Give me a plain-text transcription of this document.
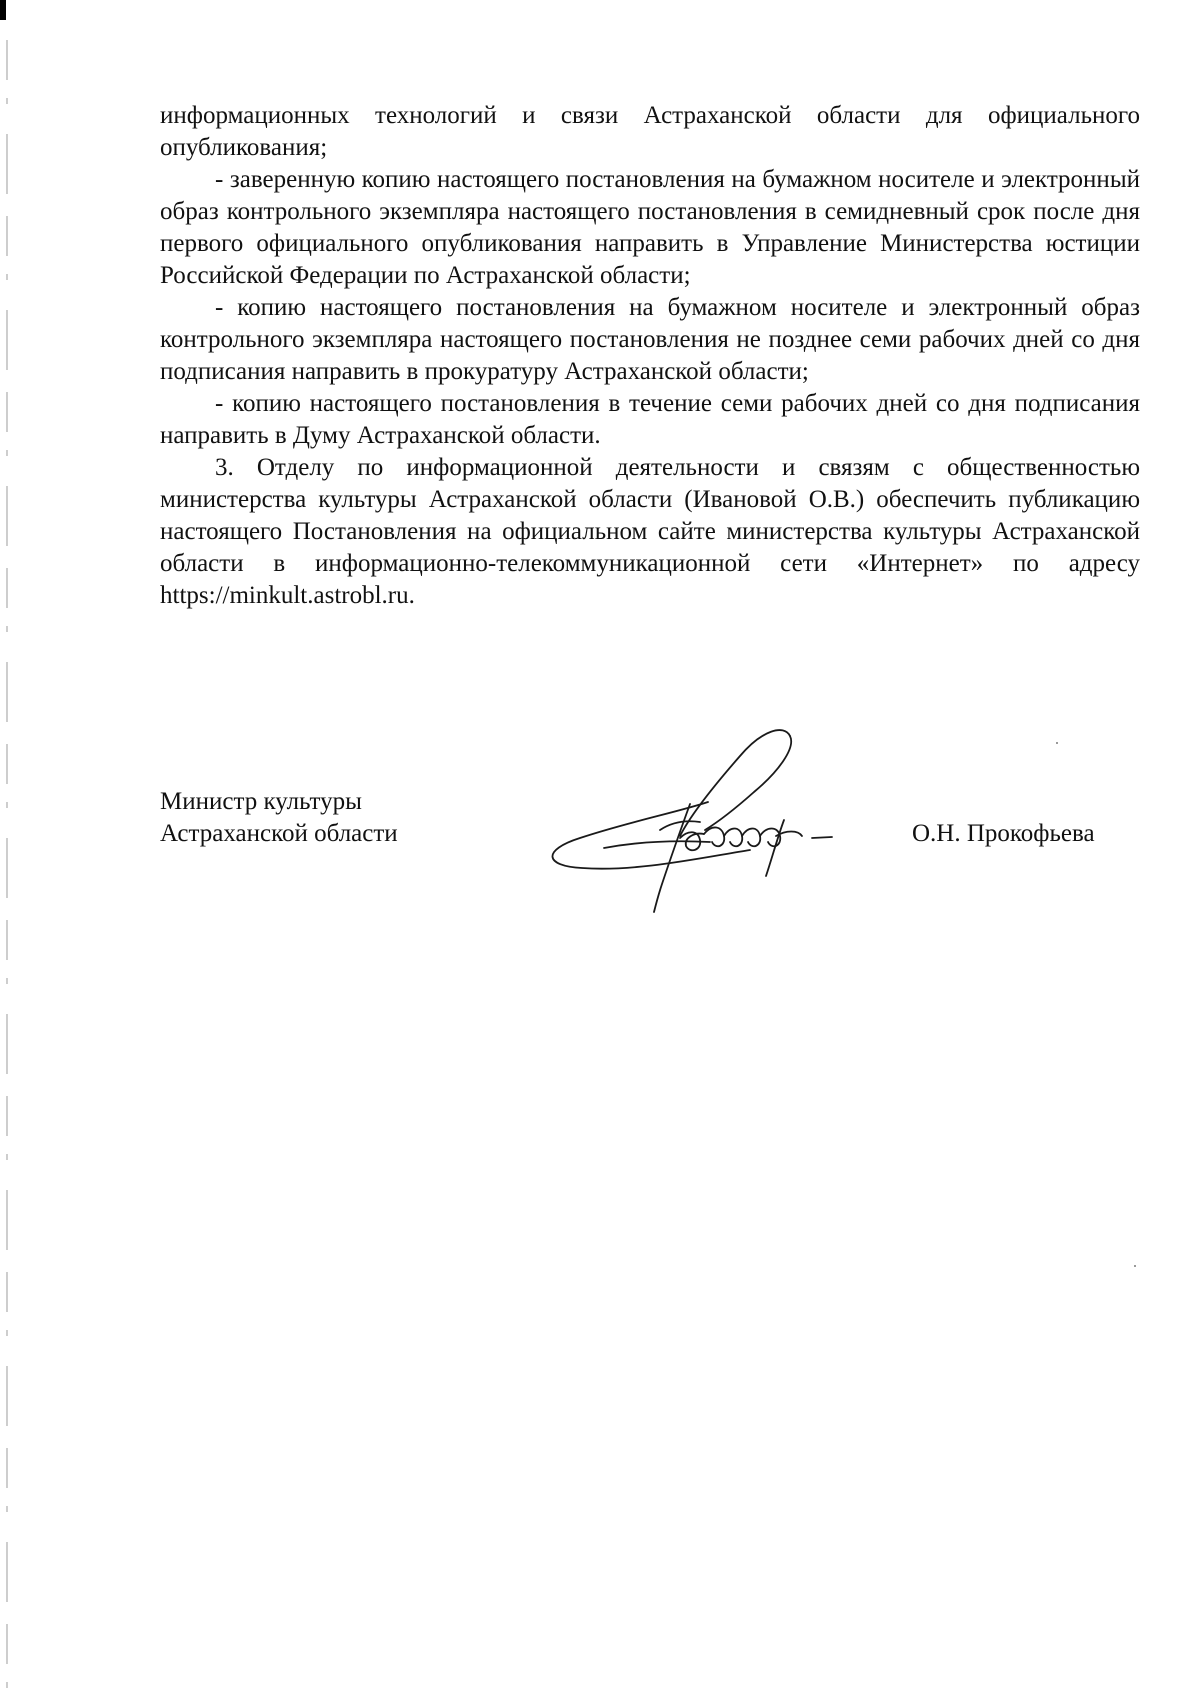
информационных технологий и связи Астраханской области для официального опубликования;

- заверенную копию настоящего постановления на бумажном носителе и электронный образ контрольного экземпляра настоящего постановления в семидневный срок после дня первого официального опубликования направить в Управление Министерства юстиции Российской Федерации по Астраханской области;

- копию настоящего постановления на бумажном носителе и электронный образ контрольного экземпляра настоящего постановления не позднее семи рабочих дней со дня подписания направить в прокуратуру Астраханской области;

- копию настоящего постановления в течение семи рабочих дней со дня подписания направить в Думу Астраханской области.

3. Отделу по информационной деятельности и связям с общественностью министерства культуры Астраханской области (Ивановой О.В.) обеспечить публикацию настоящего Постановления на официальном сайте министерства культуры Астраханской области в информационно-телекоммуникационной сети «Интернет» по адресу https://minkult.astrobl.ru.

Министр культуры
Астраханской области	О.Н. Прокофьева
